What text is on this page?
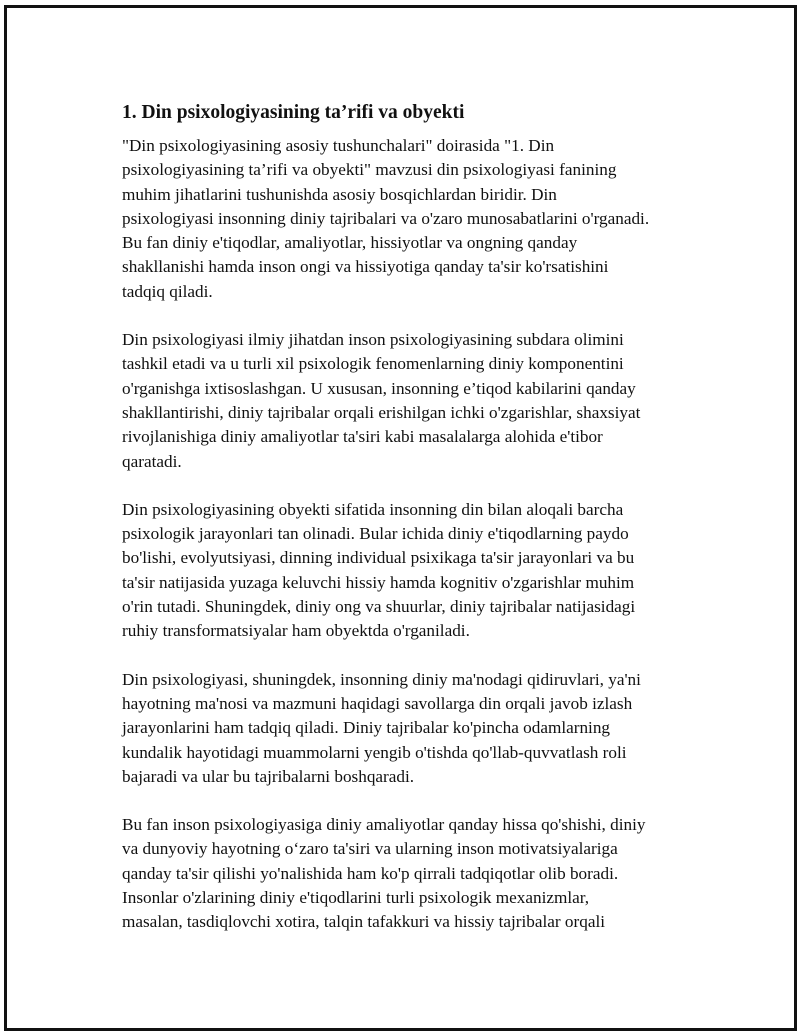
1. Din psixologiyasining ta’rifi va obyekti

"Din psixologiyasining asosiy tushunchalari" doirasida "1. Din
psixologiyasining ta’rifi va obyekti" mavzusi din psixologiyasi fanining
muhim jihatlarini tushunishda asosiy bosqichlardan biridir. Din
psixologiyasi insonning diniy tajribalari va o'zaro munosabatlarini o'rganadi.
Bu fan diniy e'tiqodlar, amaliyotlar, hissiyotlar va ongning qanday
shakllanishi hamda inson ongi va hissiyotiga qanday ta'sir ko'rsatishini
tadqiq qiladi.

Din psixologiyasi ilmiy jihatdan inson psixologiyasining subdara olimini
tashkil etadi va u turli xil psixologik fenomenlarning diniy komponentini
o'rganishga ixtisoslashgan. U xususan, insonning e’tiqod kabilarini qanday
shakllantirishi, diniy tajribalar orqali erishilgan ichki o'zgarishlar, shaxsiyat
rivojlanishiga diniy amaliyotlar ta'siri kabi masalalarga alohida e'tibor
qaratadi.

Din psixologiyasining obyekti sifatida insonning din bilan aloqali barcha
psixologik jarayonlari tan olinadi. Bular ichida diniy e'tiqodlarning paydo
bo'lishi, evolyutsiyasi, dinning individual psixikaga ta'sir jarayonlari va bu
ta'sir natijasida yuzaga keluvchi hissiy hamda kognitiv o'zgarishlar muhim
o'rin tutadi. Shuningdek, diniy ong va shuurlar, diniy tajribalar natijasidagi
ruhiy transformatsiyalar ham obyektda o'rganiladi.

Din psixologiyasi, shuningdek, insonning diniy ma'nodagi qidiruvlari, ya'ni
hayotning ma'nosi va mazmuni haqidagi savollarga din orqali javob izlash
jarayonlarini ham tadqiq qiladi. Diniy tajribalar ko'pincha odamlarning
kundalik hayotidagi muammolarni yengib o'tishda qo'llab-quvvatlash roli
bajaradi va ular bu tajribalarni boshqaradi.

Bu fan inson psixologiyasiga diniy amaliyotlar qanday hissa qo'shishi, diniy
va dunyoviy hayotning o‘zaro ta'siri va ularning inson motivatsiyalariga
qanday ta'sir qilishi yo'nalishida ham ko'p qirrali tadqiqotlar olib boradi.
Insonlar o'zlarining diniy e'tiqodlarini turli psixologik mexanizmlar,
masalan, tasdiqlovchi xotira, talqin tafakkuri va hissiy tajribalar orqali
